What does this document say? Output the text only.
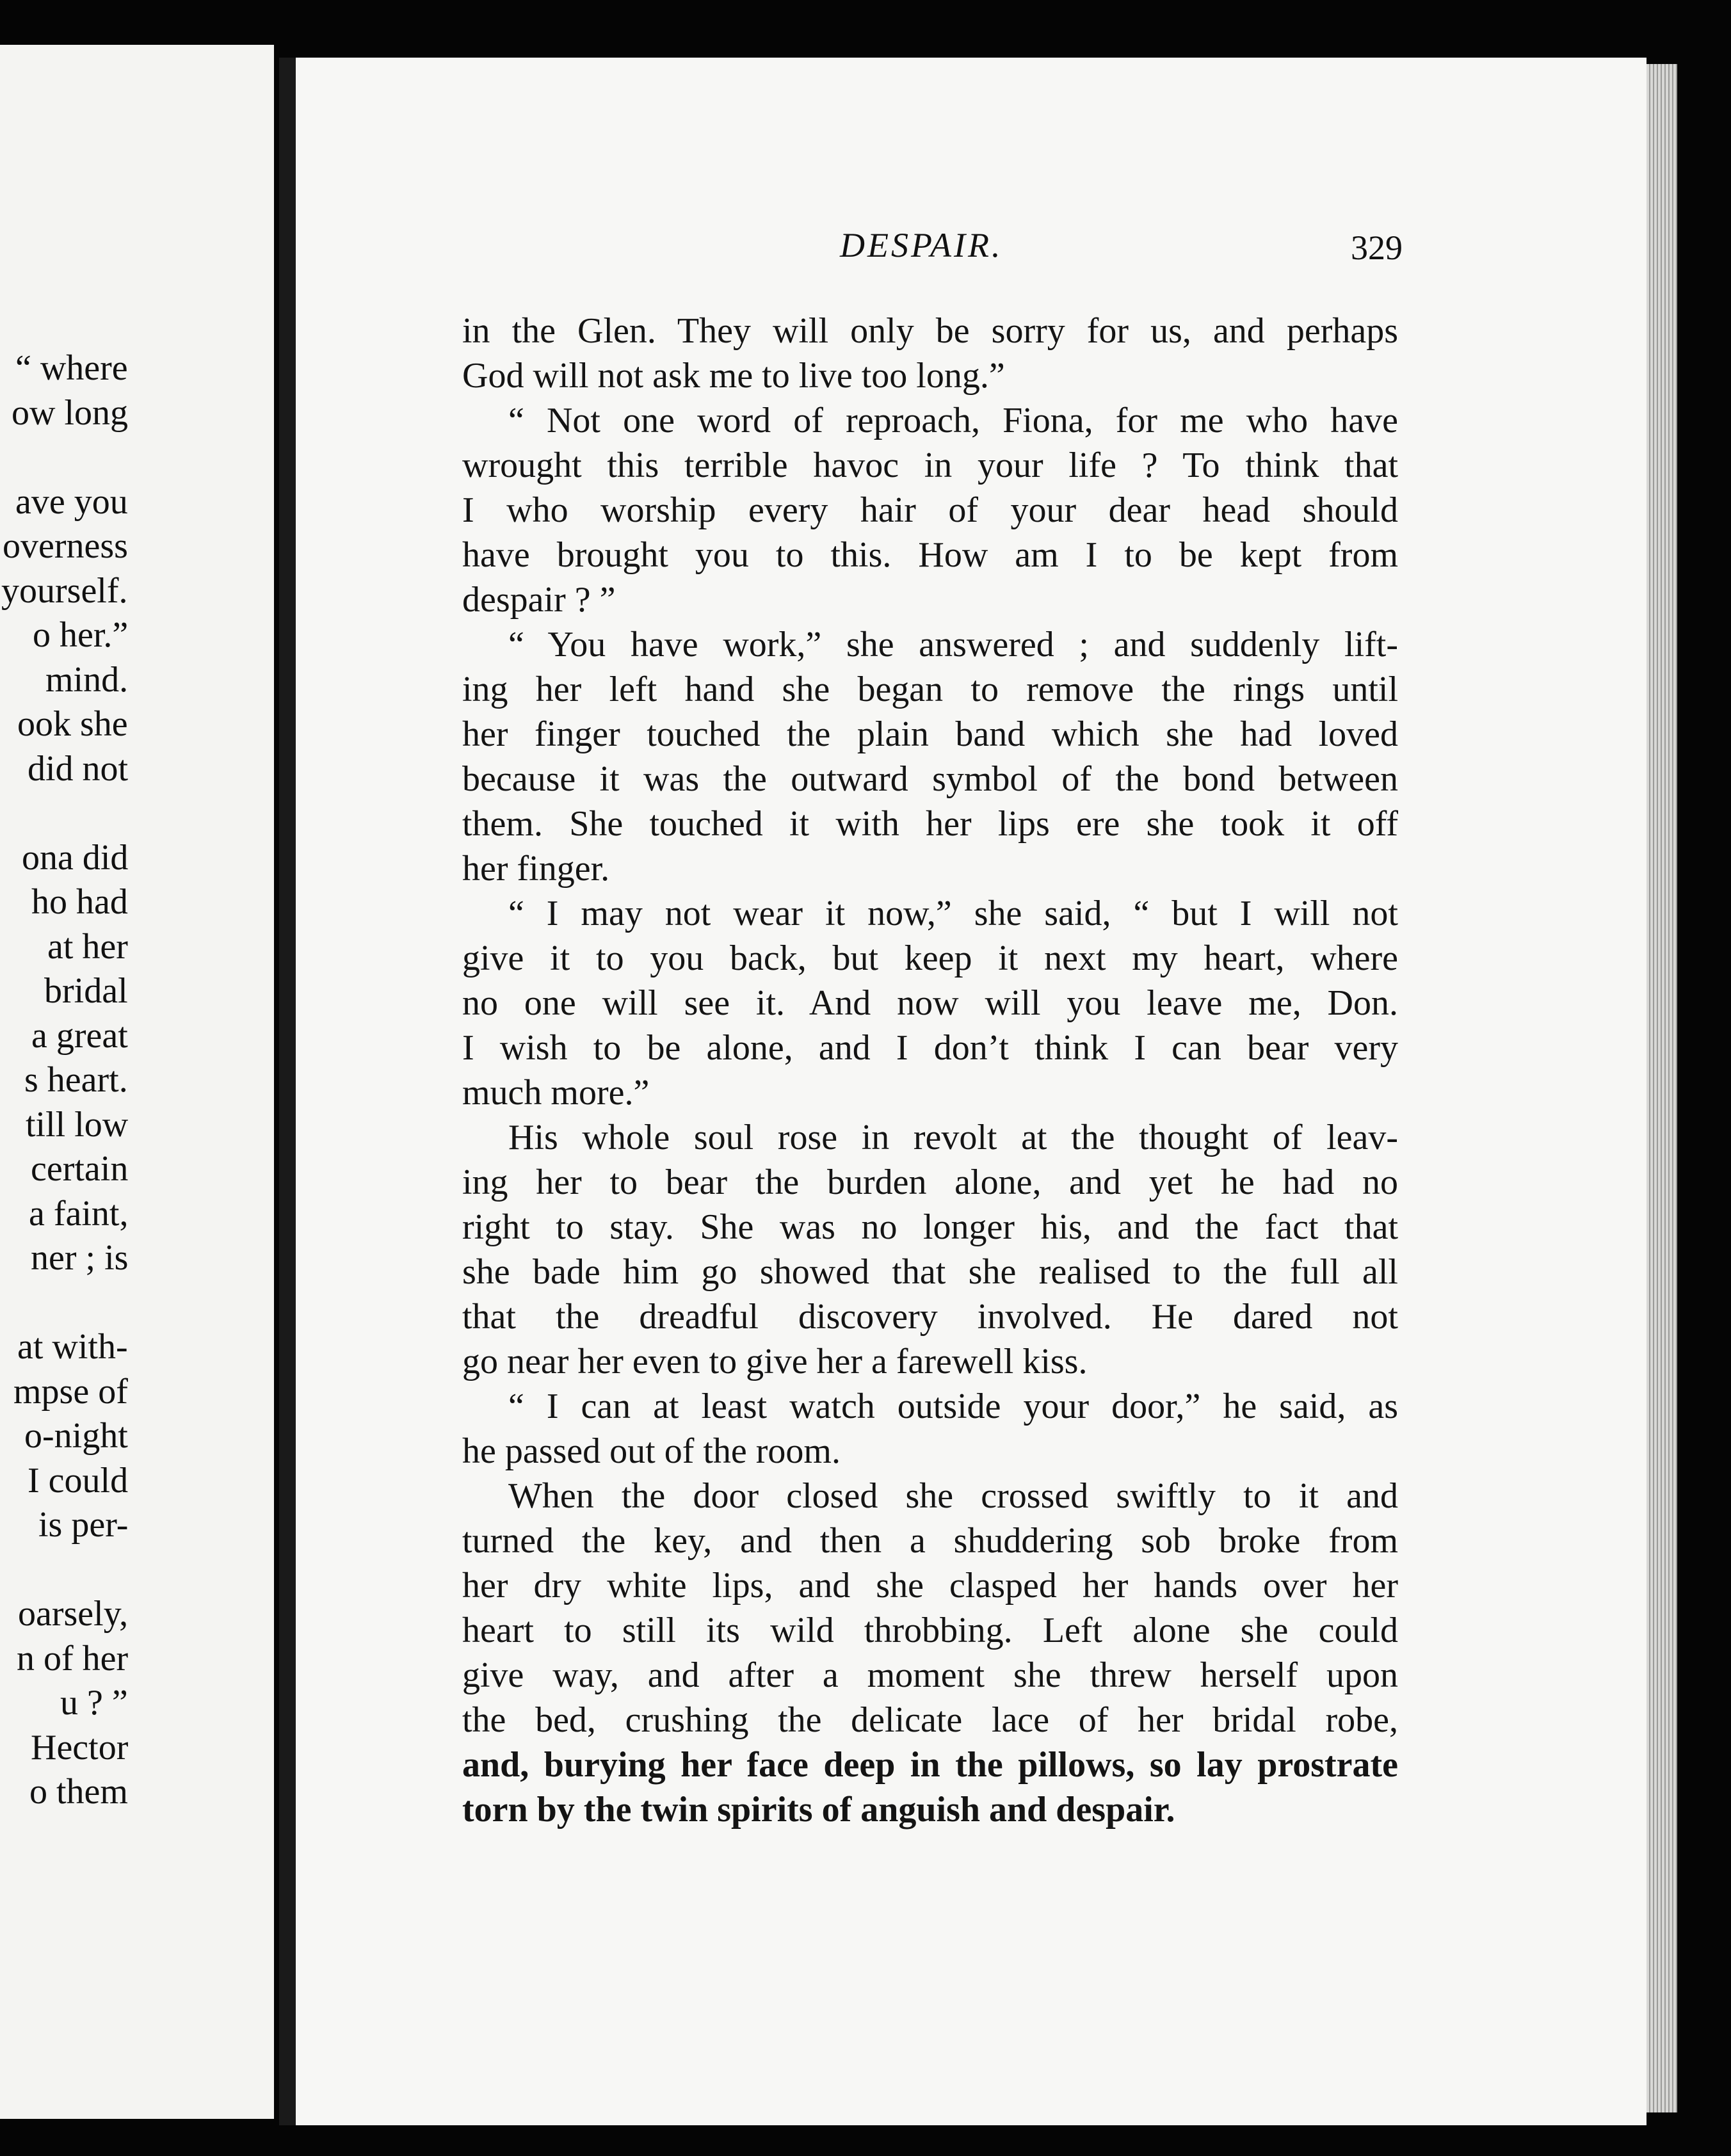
“ where
ow long
ave you
overness
yourself.
o her.”
mind.
ook she
did not
ona did
ho had
at her
bridal
a great
s heart.
till low
certain
a faint,
ner ; is
at with-
mpse of
o-night
I could
is per-
oarsely,
n of her
u ? ”
Hector
o them
DESPAIR.	329
in the Glen. They will only be sorry for us, and perhaps
God will not ask me to live too long.”
“ Not one word of reproach, Fiona, for me who have
wrought this terrible havoc in your life ? To think that
I who worship every hair of your dear head should
have brought you to this. How am I to be kept from
despair ? ”
“ You have work,” she answered ; and suddenly lift-
ing her left hand she began to remove the rings until
her finger touched the plain band which she had loved
because it was the outward symbol of the bond between
them. She touched it with her lips ere she took it off
her finger.
“ I may not wear it now,” she said, “ but I will not
give it to you back, but keep it next my heart, where
no one will see it. And now will you leave me, Don.
I wish to be alone, and I don’t think I can bear very
much more.”
His whole soul rose in revolt at the thought of leav-
ing her to bear the burden alone, and yet he had no
right to stay. She was no longer his, and the fact that
she bade him go showed that she realised to the full all
that the dreadful discovery involved. He dared not
go near her even to give her a farewell kiss.
“ I can at least watch outside your door,” he said, as
he passed out of the room.
When the door closed she crossed swiftly to it and
turned the key, and then a shuddering sob broke from
her dry white lips, and she clasped her hands over her
heart to still its wild throbbing. Left alone she could
give way, and after a moment she threw herself upon
the bed, crushing the delicate lace of her bridal robe,
and, burying her face deep in the pillows, so lay prostrate
torn by the twin spirits of anguish and despair.
